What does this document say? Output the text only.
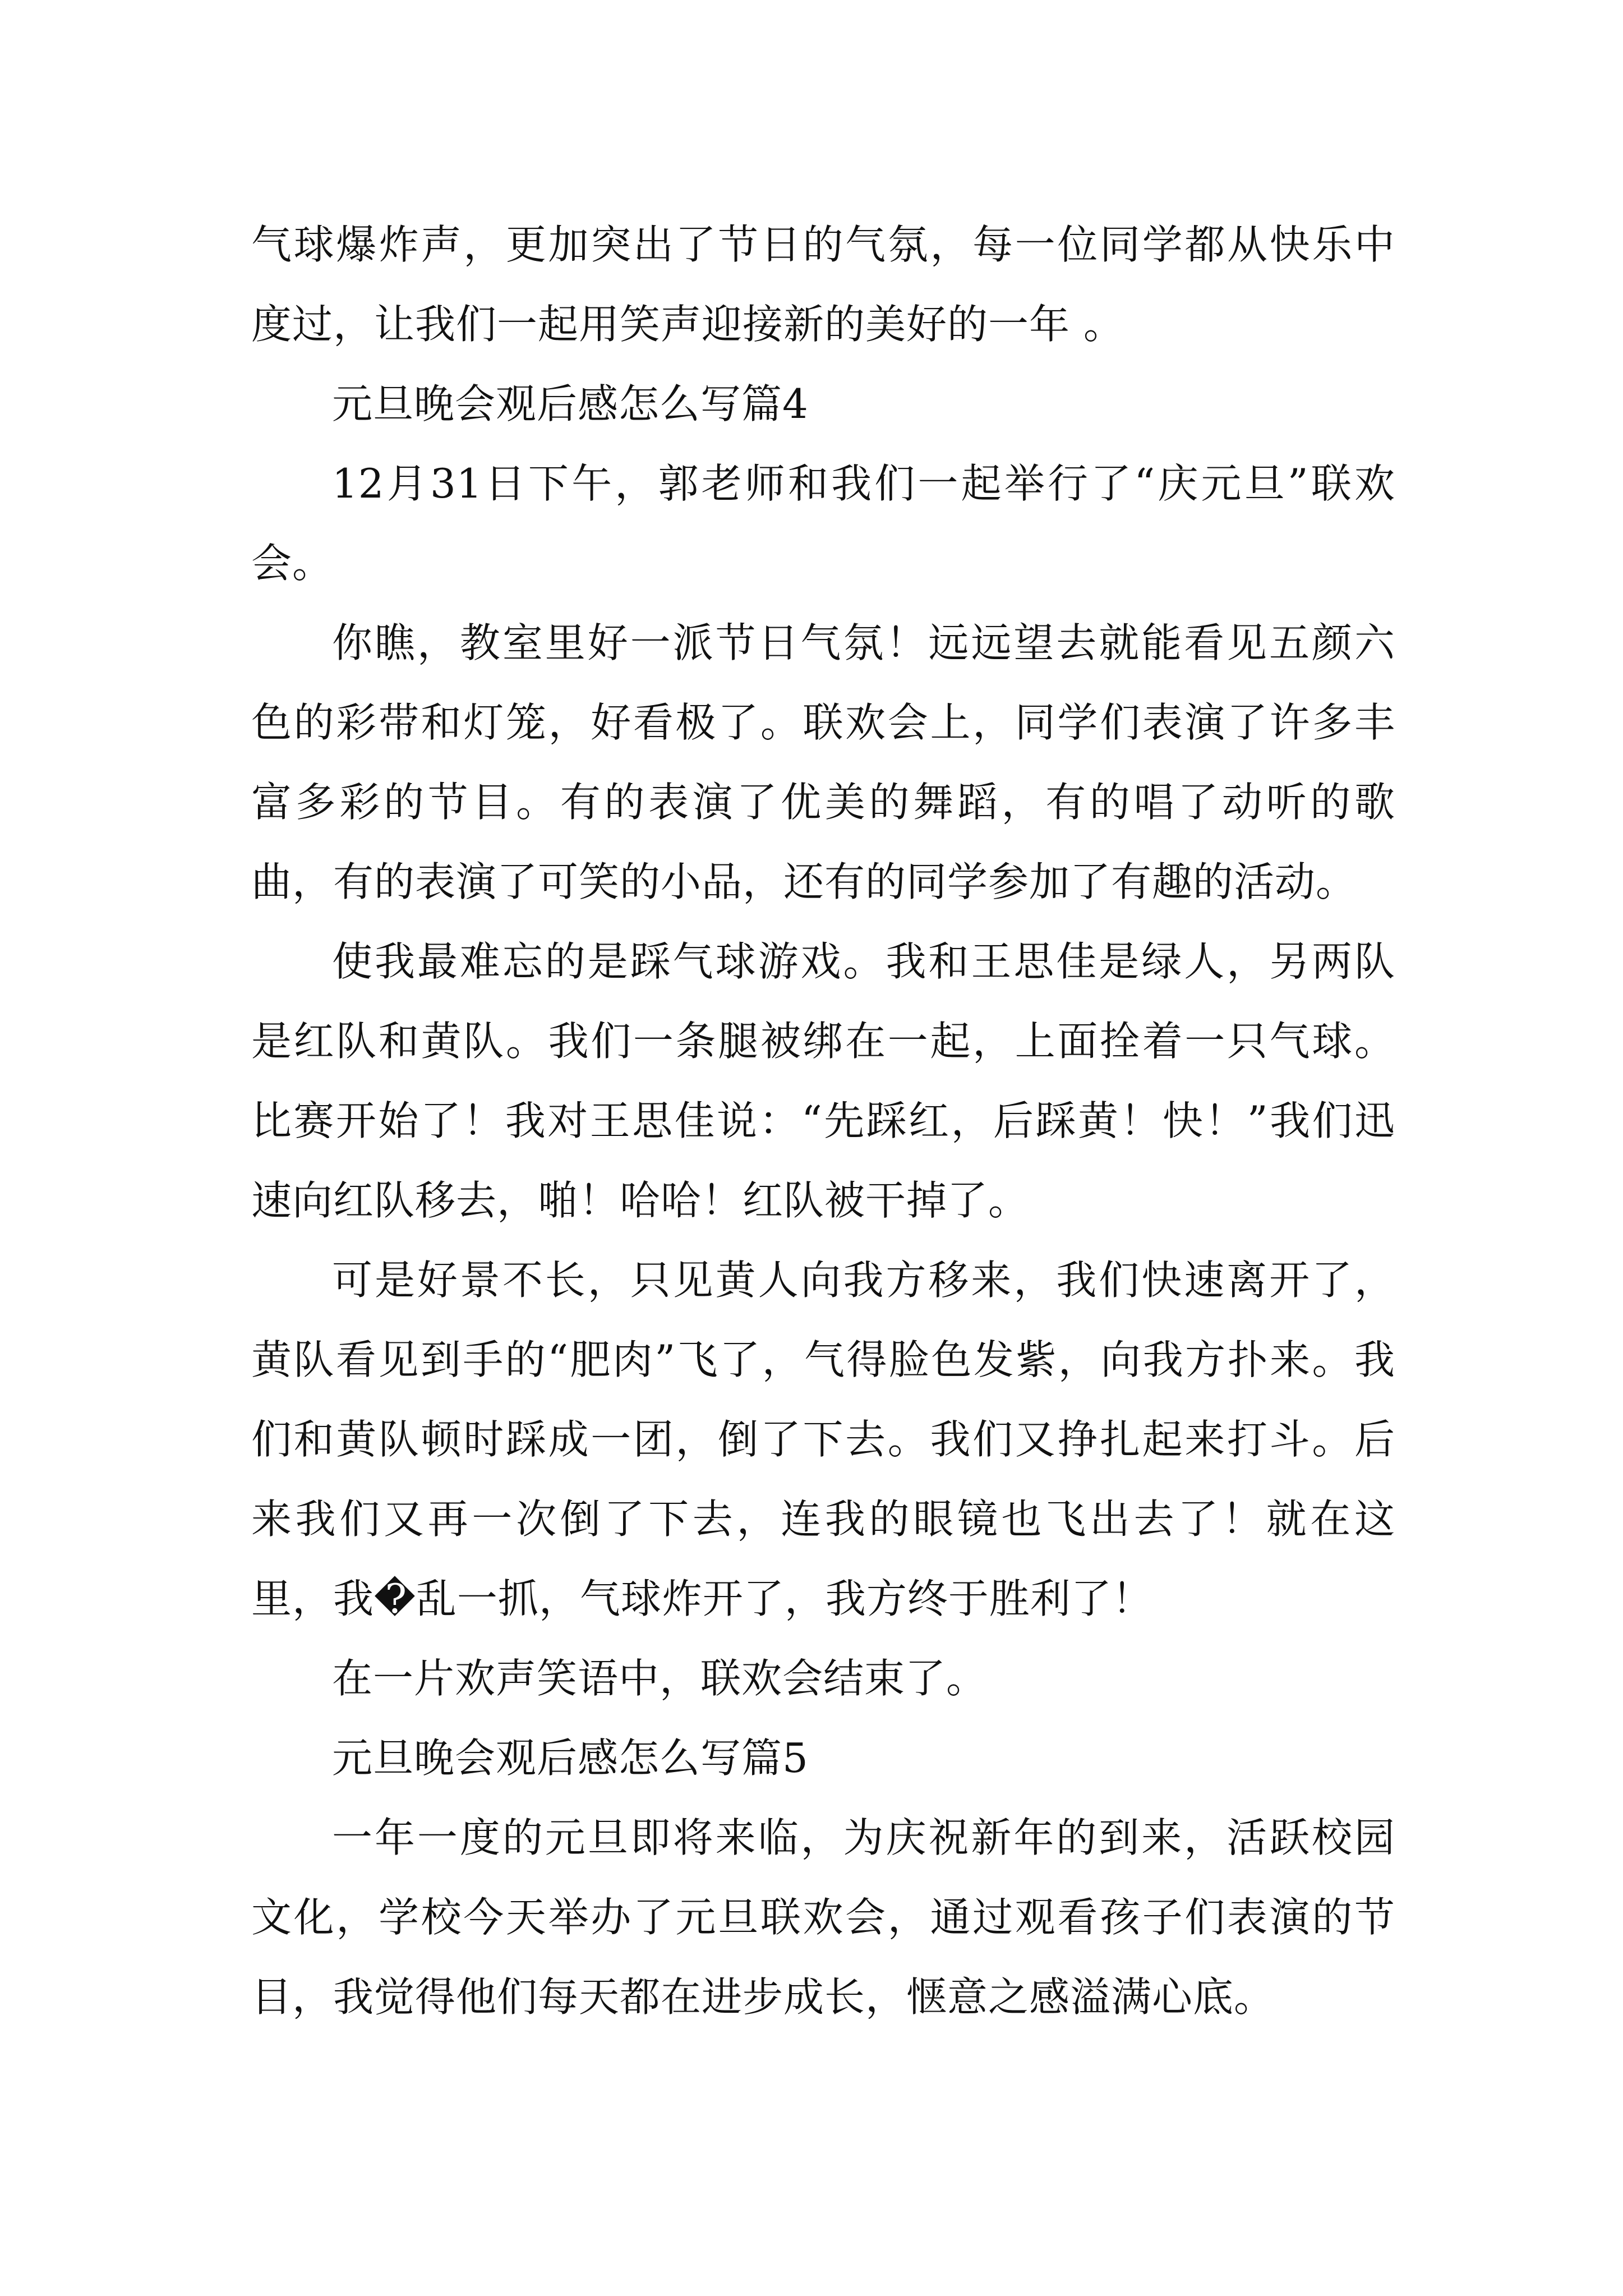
气球爆炸声，更加突出了节日的气氛，每一位同学都从快乐中度过，让我们一起用笑声迎接新的美好的一年 。

元旦晚会观后感怎么写篇4

12月31日下午，郭老师和我们一起举行了“庆元旦”联欢会。

你瞧，教室里好一派节日气氛！远远望去就能看见五颜六色的彩带和灯笼，好看极了。联欢会上，同学们表演了许多丰富多彩的节目。有的表演了优美的舞蹈，有的唱了动听的歌曲，有的表演了可笑的小品，还有的同学参加了有趣的活动。

使我最难忘的是踩气球游戏。我和王思佳是绿人，另两队是红队和黄队。我们一条腿被绑在一起，上面拴着一只气球。比赛开始了！我对王思佳说：“先踩红，后踩黄！快！”我们迅速向红队移去，啪！哈哈！红队被干掉了。

可是好景不长，只见黄人向我方移来，我们快速离开了，黄队看见到手的“肥肉”飞了，气得脸色发紫，向我方扑来。我们和黄队顿时踩成一团，倒了下去。我们又挣扎起来打斗。后来我们又再一次倒了下去，连我的眼镜也飞出去了！就在这里，我�乱一抓，气球炸开了，我方终于胜利了！

在一片欢声笑语中，联欢会结束了。

元旦晚会观后感怎么写篇5

一年一度的元旦即将来临，为庆祝新年的到来，活跃校园文化，学校今天举办了元旦联欢会，通过观看孩子们表演的节目，我觉得他们每天都在进步成长，惬意之感溢满心底。
